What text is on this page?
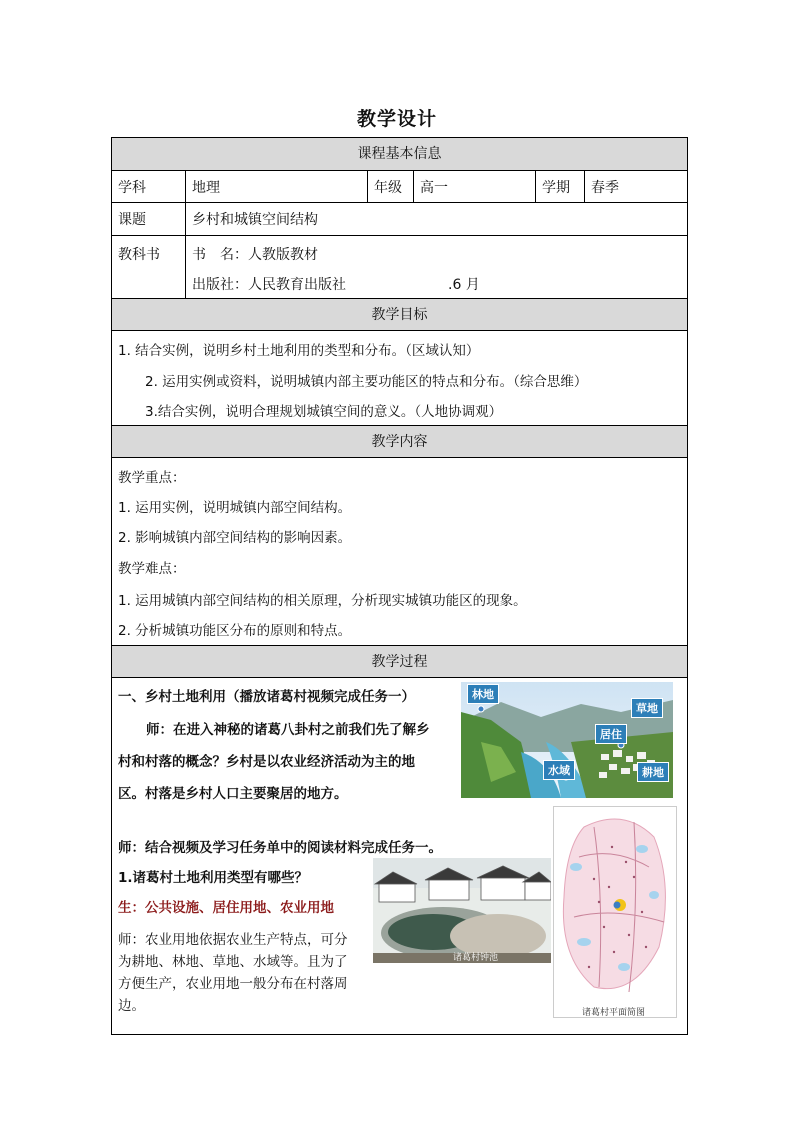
教学设计
课程基本信息
学科	地理	年级	高一	学期	春季
课题	乡村和城镇空间结构
教科书	书　名：人教版教材
出版社：人民教育出版社	.6 月
教学目标
1. 结合实例，说明乡村土地利用的类型和分布。（区域认知）
2. 运用实例或资料，说明城镇内部主要功能区的特点和分布。（综合思维）
3.结合实例，说明合理规划城镇空间的意义。（人地协调观）
教学内容
教学重点：
1. 运用实例，说明城镇内部空间结构。
2. 影响城镇内部空间结构的影响因素。
教学难点：
1. 运用城镇内部空间结构的相关原理，分析现实城镇功能区的现象。
2. 分析城镇功能区分布的原则和特点。
教学过程
一、乡村土地利用（播放诸葛村视频完成任务一）
师：在进入神秘的诸葛八卦村之前我们先了解乡
村和村落的概念？乡村是以农业经济活动为主的地
区。村落是乡村人口主要聚居的地方。
师：结合视频及学习任务单中的阅读材料完成任务一。
1.诸葛村土地利用类型有哪些？
生：公共设施、居住用地、农业用地
师：农业用地依据农业生产特点，可分
为耕地、林地、草地、水域等。且为了
方便生产，农业用地一般分布在村落周
边。
林地
草地
居住
水域	耕地
诸葛村钟池
诸葛村平面简图
